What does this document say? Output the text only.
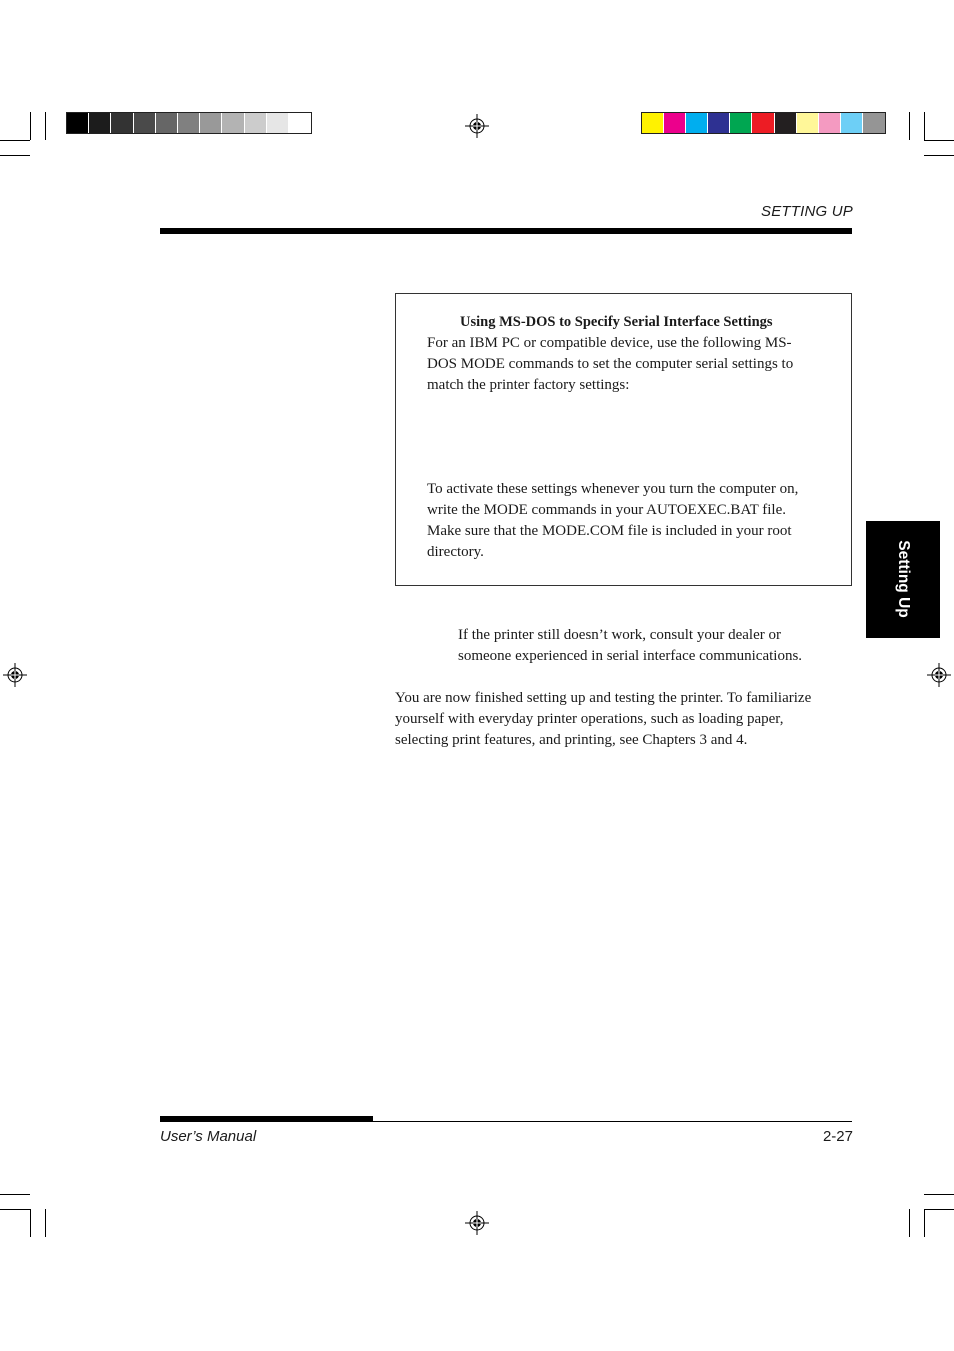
SETTING UP
Using MS-DOS to Specify Serial Interface Settings
For an IBM PC or compatible device, use the following MS-
DOS MODE commands to set the computer serial settings to
match the printer factory settings:
To activate these settings whenever you turn the computer on,
write the MODE commands in your AUTOEXEC.BAT file.
Make sure that the MODE.COM file is included in your root
directory.
If the printer still doesn’t work, consult your dealer or
someone experienced in serial interface communications.
You are now finished setting up and testing the printer. To familiarize
yourself with everyday printer operations, such as loading paper,
selecting print features, and printing, see Chapters 3 and 4.
Setting Up
User’s Manual	2-27
